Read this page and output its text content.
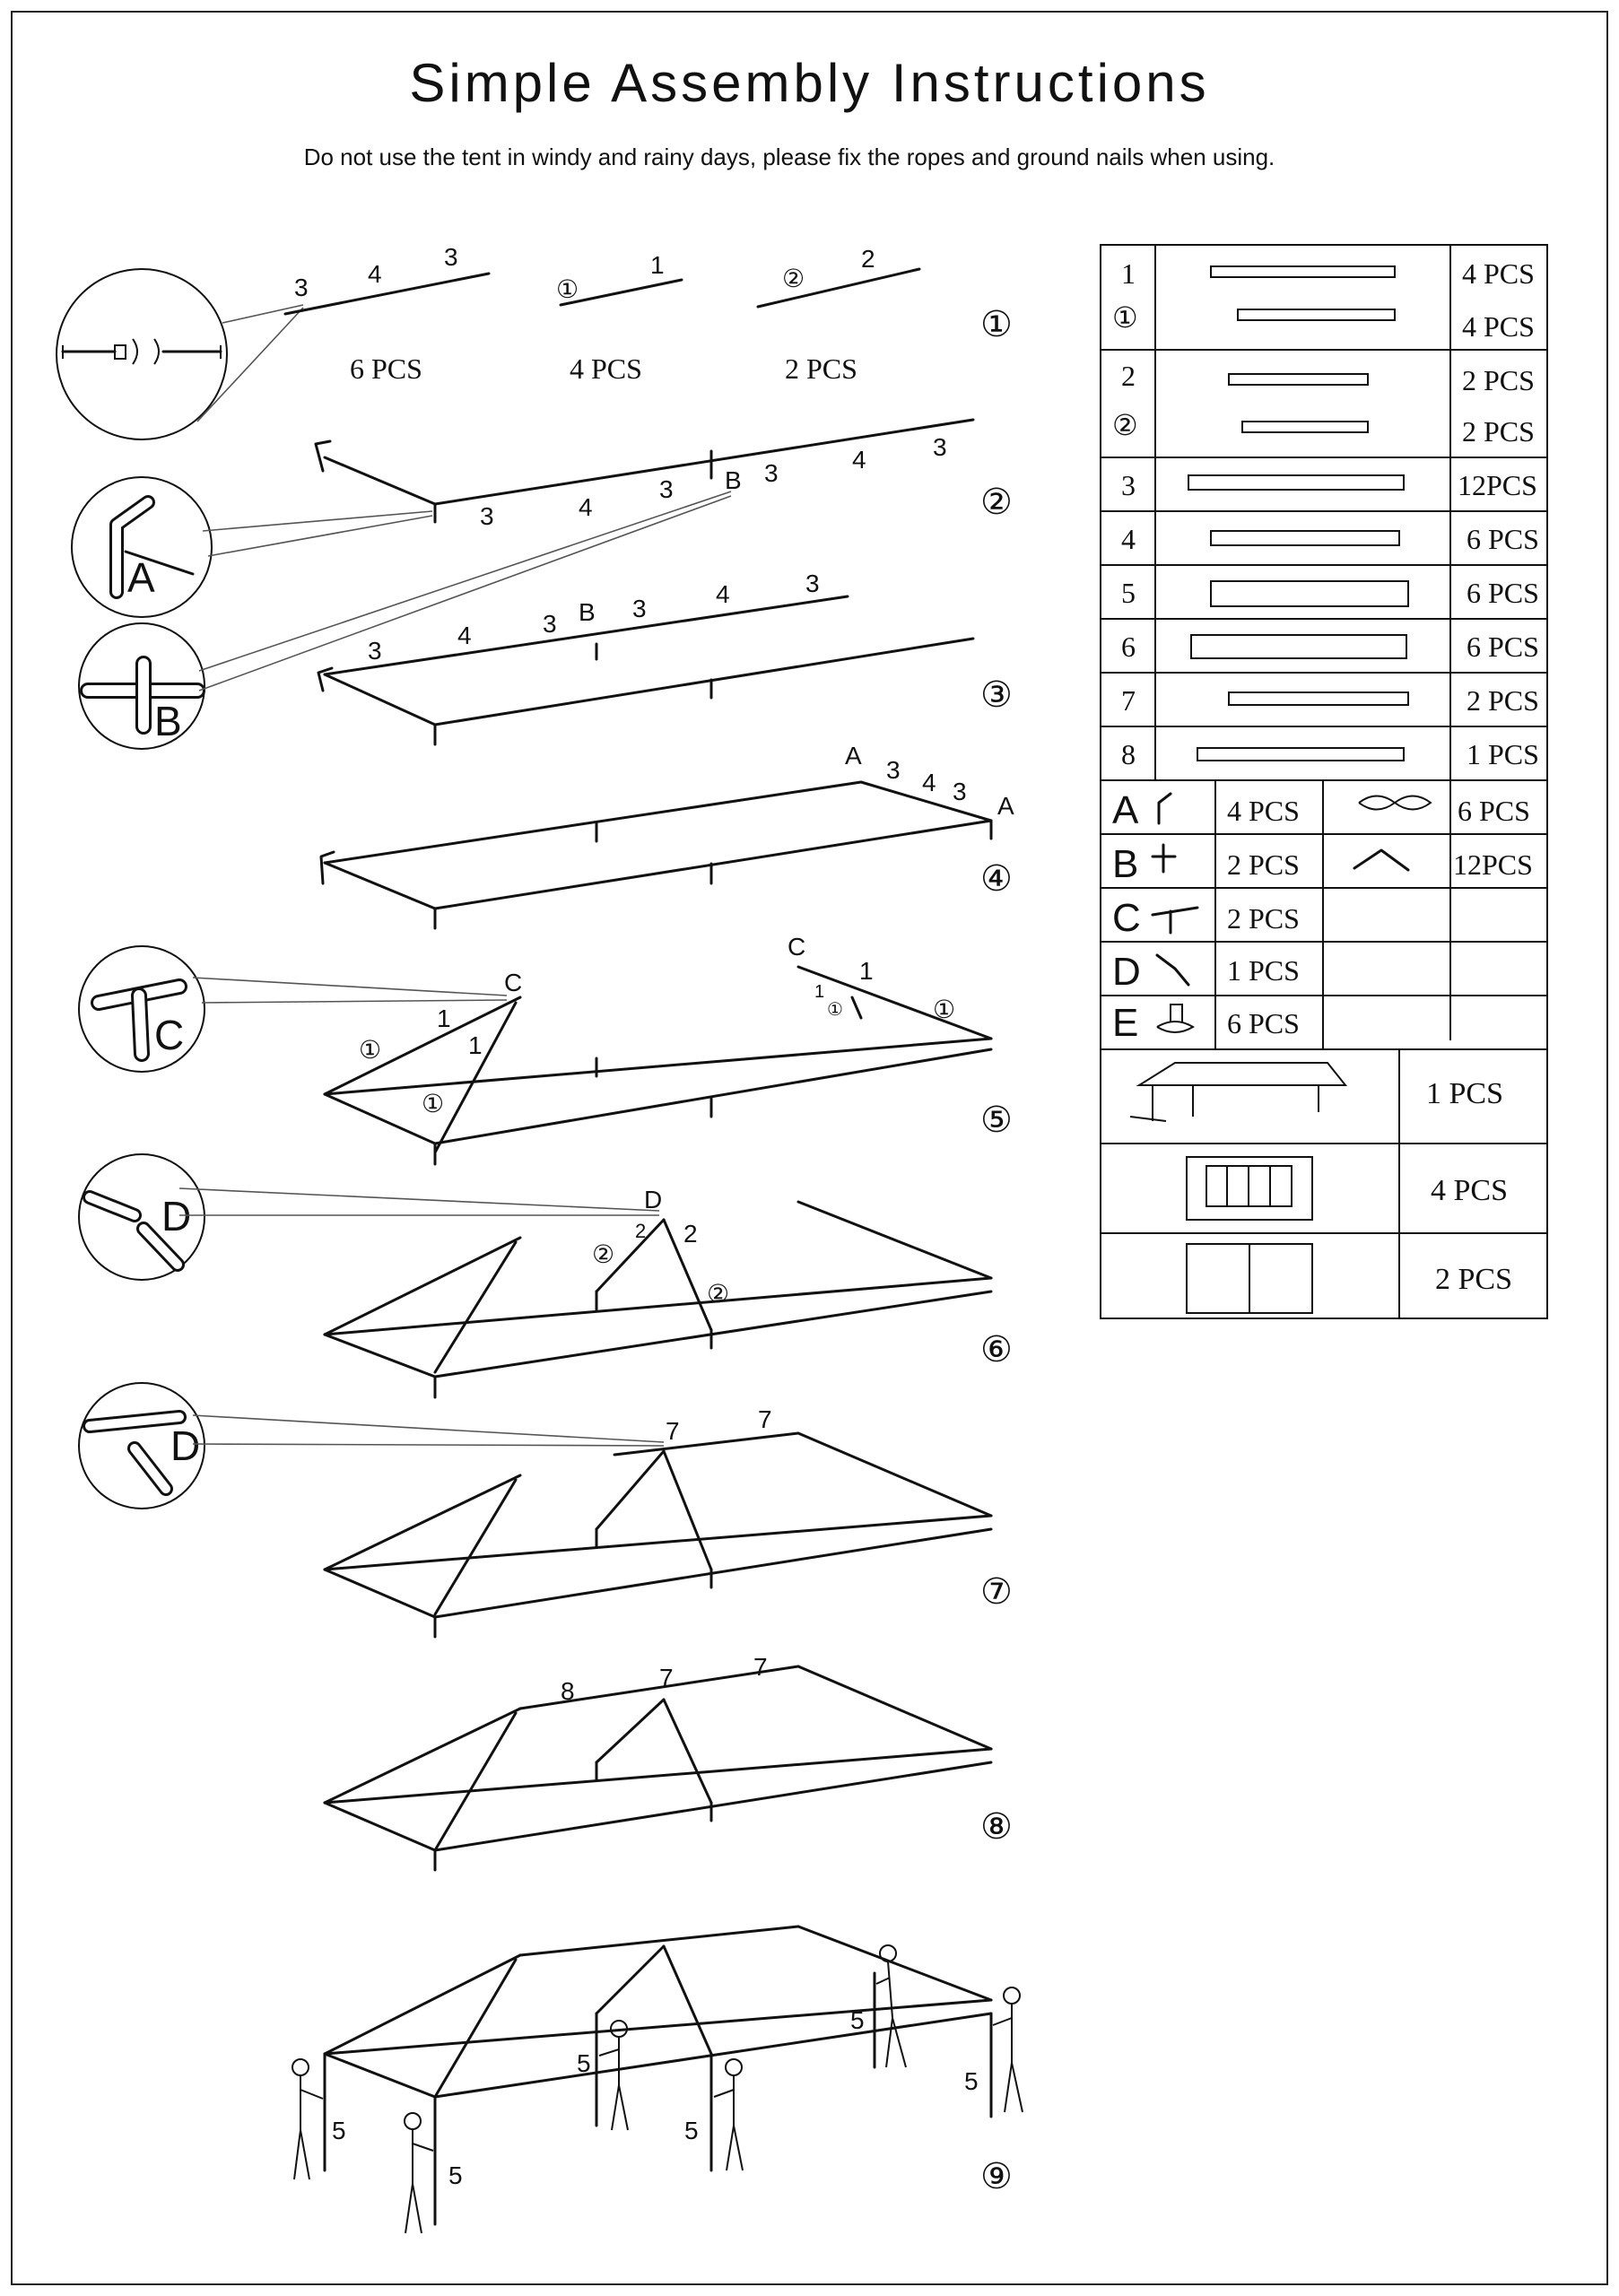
Simple Assembly Instructions
Do not use the tent in windy and rainy days, please fix the ropes and ground nails when using.
3 4
3
6 PCS
①
1
4 PCS
②
2
2 PCS
①
A
3	4
3 B 3	4	3
②
B
3
4	3 B 3
4	3
③
A
3 4 3
A
④
C
C
1
①	1
①
C
1
1
①	①
⑤
D	D
2
②
2
②
⑥
D	7	7
⑦
8	7	7
⑧
5
5
5
5
5
5
⑨
1	4 PCS
①	4 PCS
2	2 PCS
②	2 PCS
3	12PCS
4	6 PCS
5	6 PCS
6	6 PCS
7	2 PCS
8	1 PCS
A	4 PCS	6 PCS
B	2 PCS	12PCS
C	2 PCS
D	1 PCS
E	6 PCS
1 PCS
4 PCS
2 PCS
